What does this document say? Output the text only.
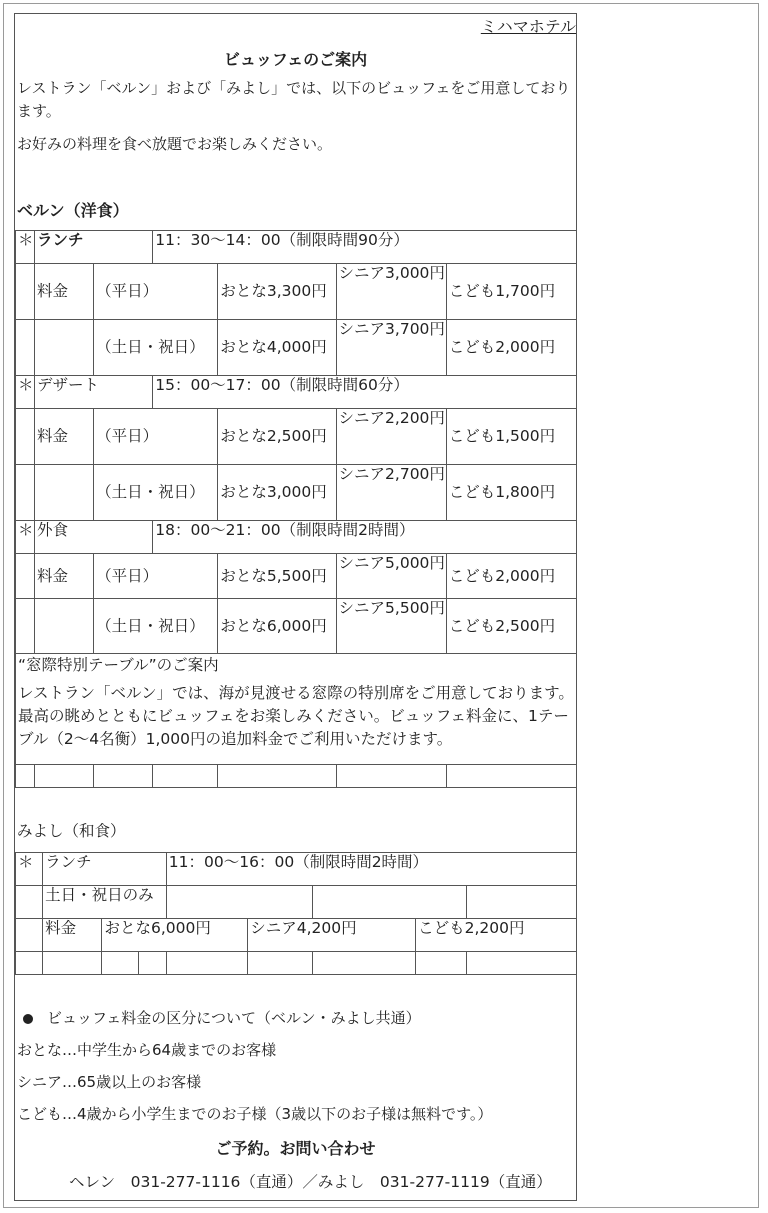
ミハマホテル
ビュッフェのご案内
レストラン「ベルン」および「みよし」では、以下のビュッフェをご用意しております。
お好みの料理を食べ放題でお楽しみください。
ベルン（洋食）
＊	ランチ		11：30～14：00（制限時間90分）			
	料金	（平日）		おとな3,300円	シニア3,000円	こども1,700円
		（土日・祝日）		おとな4,000円	シニア3,700円	こども2,000円
＊	デザート		15：00～17：00（制限時間60分）			
	料金	（平日）		おとな2,500円	シニア2,200円	こども1,500円
		（土日・祝日）		おとな3,000円	シニア2,700円	こども1,800円
＊	外食		18：00～21：00（制限時間2時間）			
	料金	（平日）		おとな5,500円	シニア5,000円	こども2,000円
		（土日・祝日）		おとな6,000円	シニア5,500円	こども2,500円

“窓際特別テーブル”のご案内
レストラン「ベルン」では、海が見渡せる窓際の特別席をご用意しております。最高の眺めとともにビュッフェをお楽しみください。ビュッフェ料金に、1テーブル（2～4名衡）1,000円の追加料金でご利用いただけます。						

みよし（和食）
＊	ランチ			11：00～16：00（制限時間2時間）				
	土日・祝日のみ							
	料金	おとな6,000円			シニア4,200円		こども2,200円	

ビュッフェ料金の区分について（ベルン・みよし共通）
おとな…中学生から64歳までのお客様
シニア…65歳以上のお客様
こども…4歳から小学生までのお子様（3歳以下のお子様は無料です。）
ご予約。お問い合わせ
ヘレン　031-277-1116（直通）／みよし　031-277-1119（直通）
